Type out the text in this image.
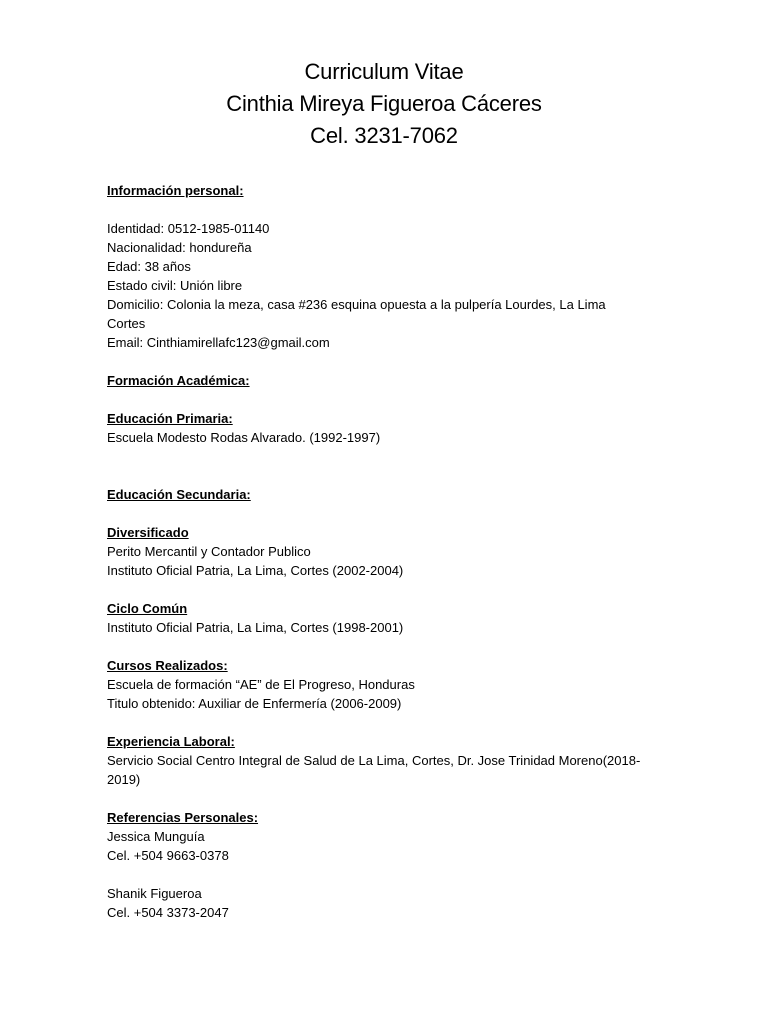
Curriculum Vitae
Cinthia Mireya Figueroa Cáceres
Cel. 3231-7062
Información personal:
Identidad: 0512-1985-01140
Nacionalidad: hondureña
Edad: 38 años
Estado civil: Unión libre
Domicilio: Colonia la meza, casa #236 esquina opuesta a la pulpería Lourdes, La Lima
Cortes
Email: Cinthiamirellafc123@gmail.com
Formación Académica:
Educación Primaria:
Escuela Modesto Rodas Alvarado. (1992-1997)
Educación Secundaria:
Diversificado
Perito Mercantil y Contador Publico
Instituto Oficial Patria, La Lima, Cortes (2002-2004)
Ciclo Común
Instituto Oficial Patria, La Lima, Cortes (1998-2001)
Cursos Realizados:
Escuela de formación “AE” de El Progreso, Honduras
Titulo obtenido: Auxiliar de Enfermería (2006-2009)
Experiencia Laboral:
Servicio Social Centro Integral de Salud de La Lima, Cortes, Dr. Jose Trinidad Moreno(2018-
2019)
Referencias Personales:
Jessica Munguía
Cel. +504 9663-0378
Shanik Figueroa
Cel. +504 3373-2047
